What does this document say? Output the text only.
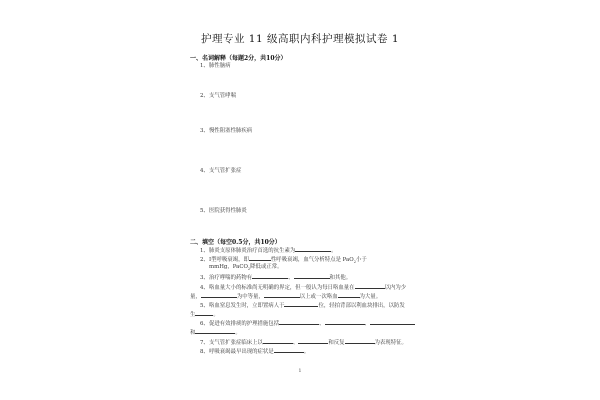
护理专业 11 级高职内科护理模拟试卷 1
一、名词解释（每题2分，共10分）
1、肺性脑病
2、支气管哮喘
3、慢性阻塞性肺疾病
4、支气管扩张症
5、医院获得性肺炎
二、填空（每空0.5分，共10分）
1、肺炎支原体肺炎治疗首选的抗生素为	。
2、Ⅰ型呼吸衰竭，即	性呼吸衰竭，血气分析特点是 PaO$_2$小于
mmHg，PaCO$_2$降低或正常。
3、治疗哮喘的药物有	、	和其他。
4、咯血量大小的标准尚无明确的界定，但一般认为每日咯血量在	以内为少
量，	为中等量，	以上或一次咯血	为大量。
5、咯血窒息发生时，立即置病人于	位，轻拍背部以利血块排出，以防发
生	。
6、促进有效排痰的护理措施包括	、	、
和	。
7、支气管扩张症临床上以	、	和反复	为表现特征。
8、呼吸衰竭最早出现的症状是	。
1
